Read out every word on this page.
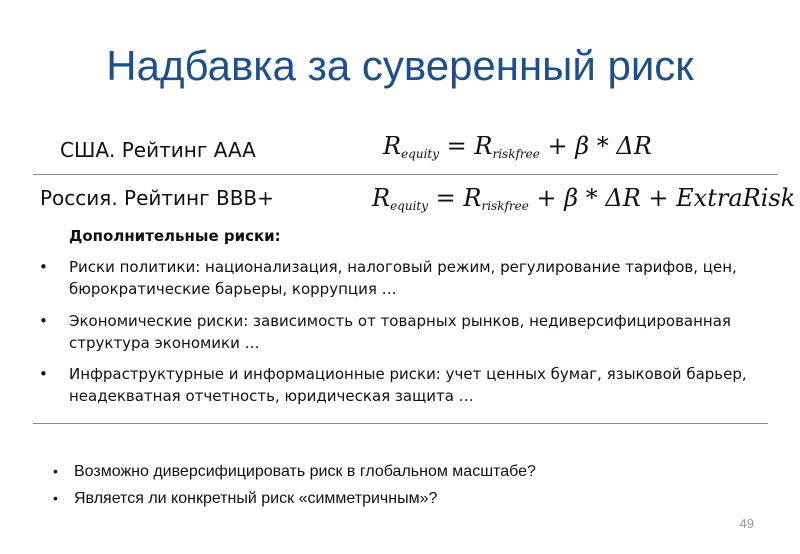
Надбавка за суверенный риск
США. Рейтинг AAA	$R_{equity} = R_{riskfree} + \beta * \Delta R$
Россия. Рейтинг BBB+	$R_{equity} = R_{riskfree} + \beta * \Delta R$ + ExtraRisk
Дополнительные риски:
• Риски политики: национализация, налоговый режим, регулирование тарифов, цен, бюрократические барьеры, коррупция …
• Экономические риски: зависимость от товарных рынков, недиверсифицированная структура экономики …
• Инфраструктурные и информационные риски: учет ценных бумаг, языковой барьер, неадекватная отчетность, юридическая защита …
• Возможно диверсифицировать риск в глобальном масштабе?
• Является ли конкретный риск «симметричным»?
49
